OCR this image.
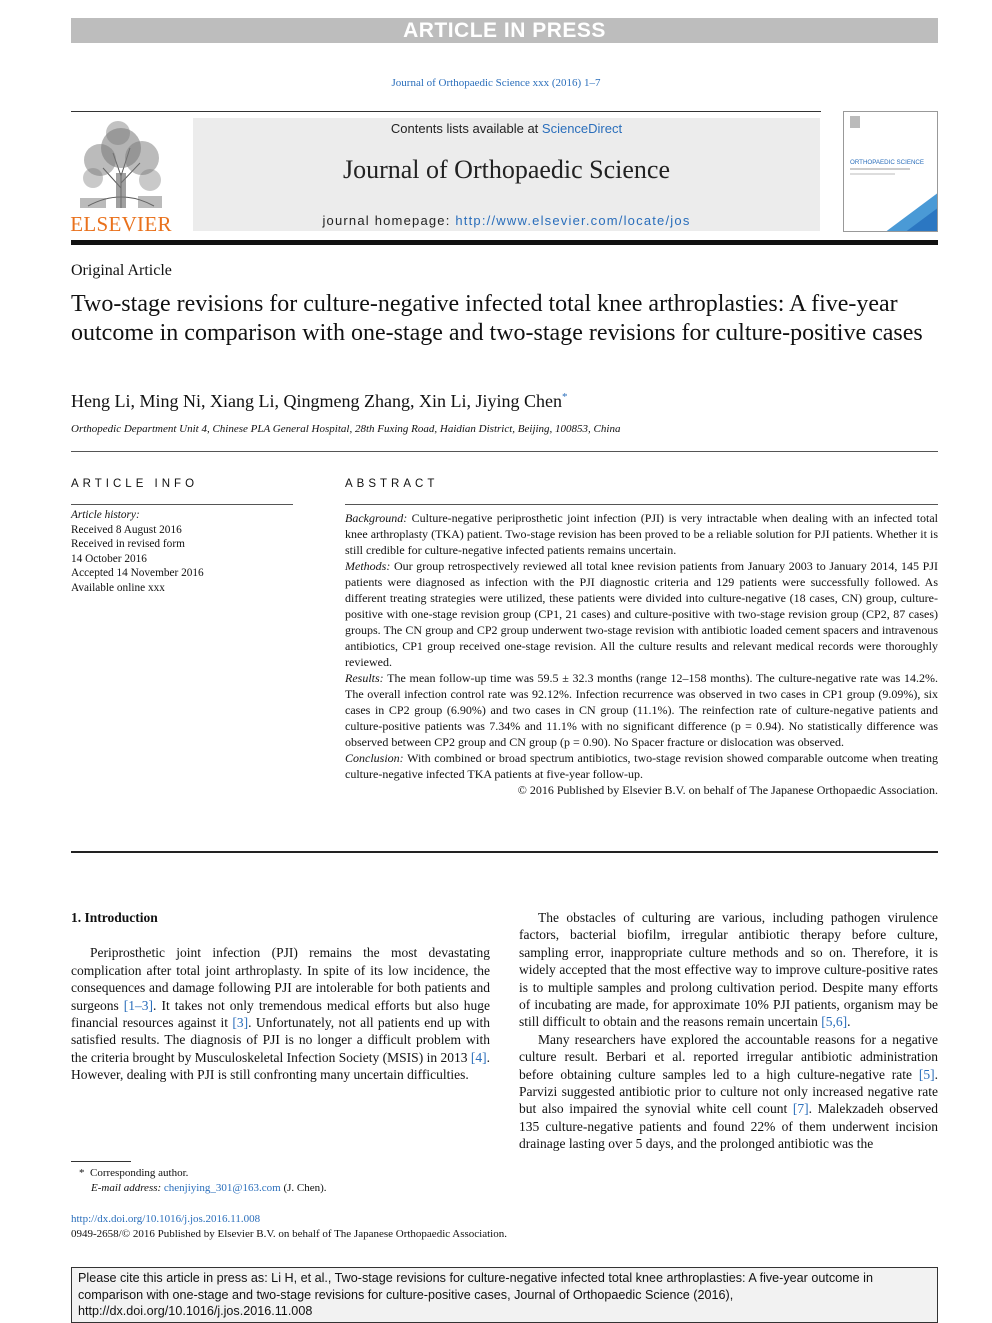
ARTICLE IN PRESS
Journal of Orthopaedic Science xxx (2016) 1–7
ELSEVIER
Contents lists available at ScienceDirect
Journal of Orthopaedic Science
journal homepage: http://www.elsevier.com/locate/jos
ORTHOPAEDIC SCIENCE
Original Article
Two-stage revisions for culture-negative infected total knee arthroplasties: A five-year outcome in comparison with one-stage and two-stage revisions for culture-positive cases
Heng Li, Ming Ni, Xiang Li, Qingmeng Zhang, Xin Li, Jiying Chen*
Orthopedic Department Unit 4, Chinese PLA General Hospital, 28th Fuxing Road, Haidian District, Beijing, 100853, China
ARTICLE INFO
Article history:
Received 8 August 2016
Received in revised form
14 October 2016
Accepted 14 November 2016
Available online xxx
ABSTRACT

Background: Culture-negative periprosthetic joint infection (PJI) is very intractable when dealing with an infected total knee arthroplasty (TKA) patient. Two-stage revision has been proved to be a reliable solution for PJI patients. Whether it is still credible for culture-negative infected patients remains uncertain.

Methods: Our group retrospectively reviewed all total knee revision patients from January 2003 to January 2014, 145 PJI patients were diagnosed as infection with the PJI diagnostic criteria and 129 patients were successfully followed. As different treating strategies were utilized, these patients were divided into culture-negative (18 cases, CN) group, culture-positive with one-stage revision group (CP1, 21 cases) and culture-positive with two-stage revision group (CP2, 87 cases) groups. The CN group and CP2 group underwent two-stage revision with antibiotic loaded cement spacers and intravenous antibiotics, CP1 group received one-stage revision. All the culture results and relevant medical records were thoroughly reviewed.

Results: The mean follow-up time was 59.5 ± 32.3 months (range 12–158 months). The culture-negative rate was 14.2%. The overall infection control rate was 92.12%. Infection recurrence was observed in two cases in CP1 group (9.09%), six cases in CP2 group (6.90%) and two cases in CN group (11.1%). The reinfection rate of culture-negative patients and culture-positive patients was 7.34% and 11.1% with no significant difference (p = 0.94). No statistically difference was observed between CP2 group and CN group (p = 0.90). No Spacer fracture or dislocation was observed.

Conclusion: With combined or broad spectrum antibiotics, two-stage revision showed comparable outcome when treating culture-negative infected TKA patients at five-year follow-up.

© 2016 Published by Elsevier B.V. on behalf of The Japanese Orthopaedic Association.

1. Introduction

Periprosthetic joint infection (PJI) remains the most devastating complication after total joint arthroplasty. In spite of its low incidence, the consequences and damage following PJI are intolerable for both patients and surgeons [1–3]. It takes not only tremendous medical efforts but also huge financial resources against it [3]. Unfortunately, not all patients end up with satisfied results. The diagnosis of PJI is no longer a difficult problem with the criteria brought by Musculoskeletal Infection Society (MSIS) in 2013 [4]. However, dealing with PJI is still confronting many uncertain difficulties.

The obstacles of culturing are various, including pathogen virulence factors, bacterial biofilm, irregular antibiotic therapy before culture, sampling error, inappropriate culture methods and so on. Therefore, it is widely accepted that the most effective way to improve culture-positive rates is to multiple samples and prolong cultivation period. Despite many efforts of incubating are made, for approximate 10% PJI patients, organism may be still difficult to obtain and the reasons remain uncertain [5,6].

Many researchers have explored the accountable reasons for a negative culture result. Berbari et al. reported irregular antibiotic administration before obtaining culture samples led to a high culture-negative rate [5]. Parvizi suggested antibiotic prior to culture not only increased negative rate but also impaired the synovial white cell count [7]. Malekzadeh observed 135 culture-negative patients and found 22% of them underwent incision drainage lasting over 5 days, and the prolonged antibiotic was the

* Corresponding author.
E-mail address: chenjiying_301@163.com (J. Chen).
http://dx.doi.org/10.1016/j.jos.2016.11.008
0949-2658/© 2016 Published by Elsevier B.V. on behalf of The Japanese Orthopaedic Association.
Please cite this article in press as: Li H, et al., Two-stage revisions for culture-negative infected total knee arthroplasties: A five-year outcome in comparison with one-stage and two-stage revisions for culture-positive cases, Journal of Orthopaedic Science (2016), http://dx.doi.org/10.1016/j.jos.2016.11.008
